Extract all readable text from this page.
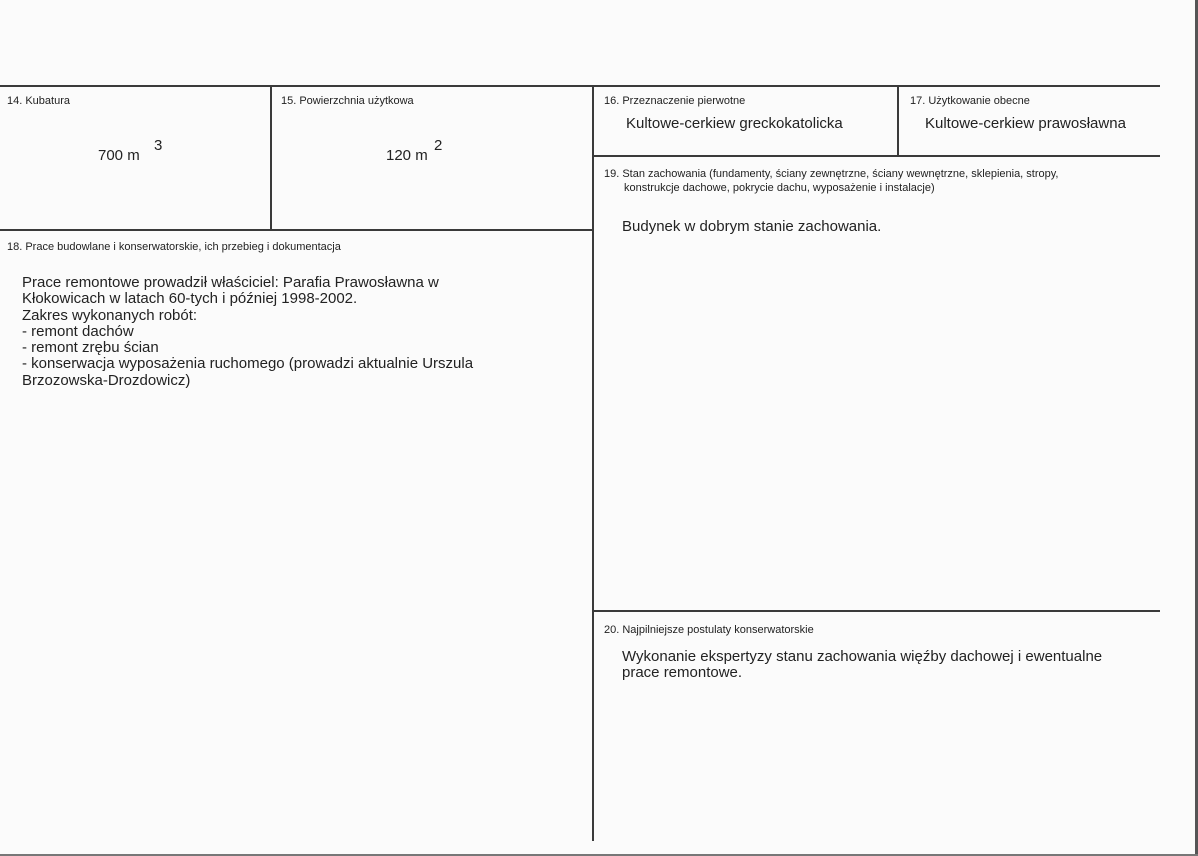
14. Kubatura
700 m
3
15. Powierzchnia użytkowa
120 m
2
16. Przeznaczenie pierwotne
Kultowe-cerkiew greckokatolicka
17. Użytkowanie obecne
Kultowe-cerkiew prawosławna
18. Prace budowlane i konserwatorskie, ich przebieg i dokumentacja
Prace remontowe prowadził właściciel: Parafia Prawosławna w
Kłokowicach w latach 60-tych i później 1998-2002.
Zakres wykonanych robót:
- remont dachów
- remont zrębu ścian
- konserwacja wyposażenia ruchomego (prowadzi aktualnie Urszula
Brzozowska-Drozdowicz)
19. Stan zachowania (fundamenty, ściany zewnętrzne, ściany wewnętrzne, sklepienia, stropy,
konstrukcje dachowe, pokrycie dachu, wyposażenie i instalacje)
Budynek w dobrym stanie zachowania.
20. Najpilniejsze postulaty konserwatorskie
Wykonanie ekspertyzy stanu zachowania więźby dachowej i ewentualne
prace remontowe.
